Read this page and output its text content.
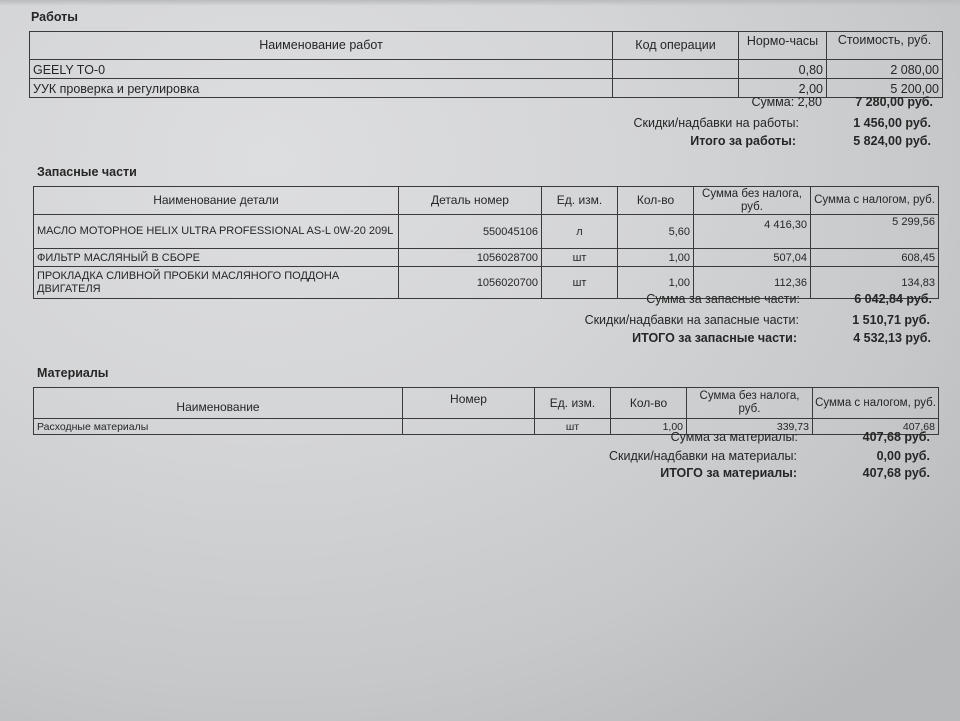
Работы
Наименование работ	Код операции	Нормо-часы	Стоимость, руб.
GEELY TO-0		0,80	2 080,00
УУК проверка и регулировка		2,00	5 200,00
Сумма: 2,80	7 280,00 руб.
Скидки/надбавки на работы:	1 456,00 руб.
Итого за работы:	5 824,00 руб.
Запасные части
Наименование детали	Деталь номер	Ед. изм.	Кол-во	Сумма без налога, руб.	Сумма с налогом, руб.
МАСЛО МОТОРНОЕ HELIX ULTRA PROFESSIONAL AS-L 0W-20 209L	550045106	л	5,60	4 416,30	5 299,56
ФИЛЬТР МАСЛЯНЫЙ В СБОРЕ	1056028700	шт	1,00	507,04	608,45
ПРОКЛАДКА СЛИВНОЙ ПРОБКИ МАСЛЯНОГО ПОДДОНА ДВИГАТЕЛЯ	1056020700	шт	1,00	112,36	134,83
Сумма за запасные части:	6 042,84 руб.
Скидки/надбавки на запасные части:	1 510,71 руб.
ИТОГО за запасные части:	4 532,13 руб.
Материалы
Наименование	Номер	Ед. изм.	Кол-во	Сумма без налога, руб.	Сумма с налогом, руб.
Расходные материалы		шт	1,00	339,73	407,68
Сумма за материалы:	407,68 руб.
Скидки/надбавки на материалы:	0,00 руб.
ИТОГО за материалы:	407,68 руб.
